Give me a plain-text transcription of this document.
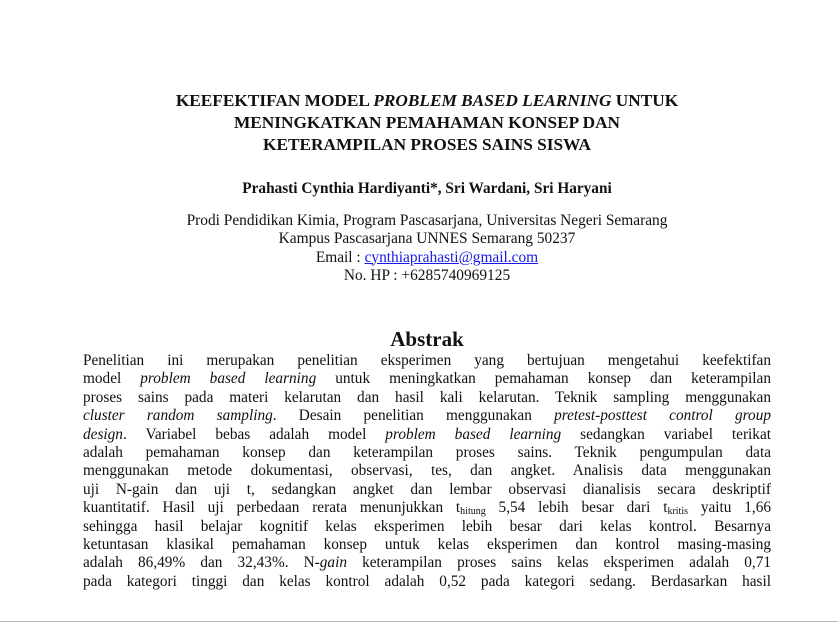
KEEFEKTIFAN MODEL PROBLEM BASED LEARNING UNTUK
MENINGKATKAN PEMAHAMAN KONSEP DAN
KETERAMPILAN PROSES SAINS SISWA
Prahasti Cynthia Hardiyanti*, Sri Wardani, Sri Haryani
Prodi Pendidikan Kimia, Program Pascasarjana, Universitas Negeri Semarang
Kampus Pascasarjana UNNES Semarang 50237
Email : cynthiaprahasti@gmail.com
No. HP : +6285740969125
Abstrak
Penelitian ini merupakan penelitian eksperimen yang bertujuan mengetahui keefektifan
model problem based learning untuk meningkatkan pemahaman konsep dan keterampilan
proses sains pada materi kelarutan dan hasil kali kelarutan. Teknik sampling menggunakan
cluster random sampling. Desain penelitian menggunakan pretest-posttest control group
design. Variabel bebas adalah model problem based learning sedangkan variabel terikat
adalah pemahaman konsep dan keterampilan proses sains. Teknik pengumpulan data
menggunakan metode dokumentasi, observasi, tes, dan angket. Analisis data menggunakan
uji N-gain dan uji t, sedangkan angket dan lembar observasi dianalisis secara deskriptif
kuantitatif. Hasil uji perbedaan rerata menunjukkan $t_{hitung}$ 5,54 lebih besar dari $t_{kritis}$ yaitu 1,66
sehingga hasil belajar kognitif kelas eksperimen lebih besar dari kelas kontrol. Besarnya
ketuntasan klasikal pemahaman konsep untuk kelas eksperimen dan kontrol masing-masing
adalah 86,49% dan 32,43%. N-gain keterampilan proses sains kelas eksperimen adalah 0,71
pada kategori tinggi dan kelas kontrol adalah 0,52 pada kategori sedang. Berdasarkan hasil
